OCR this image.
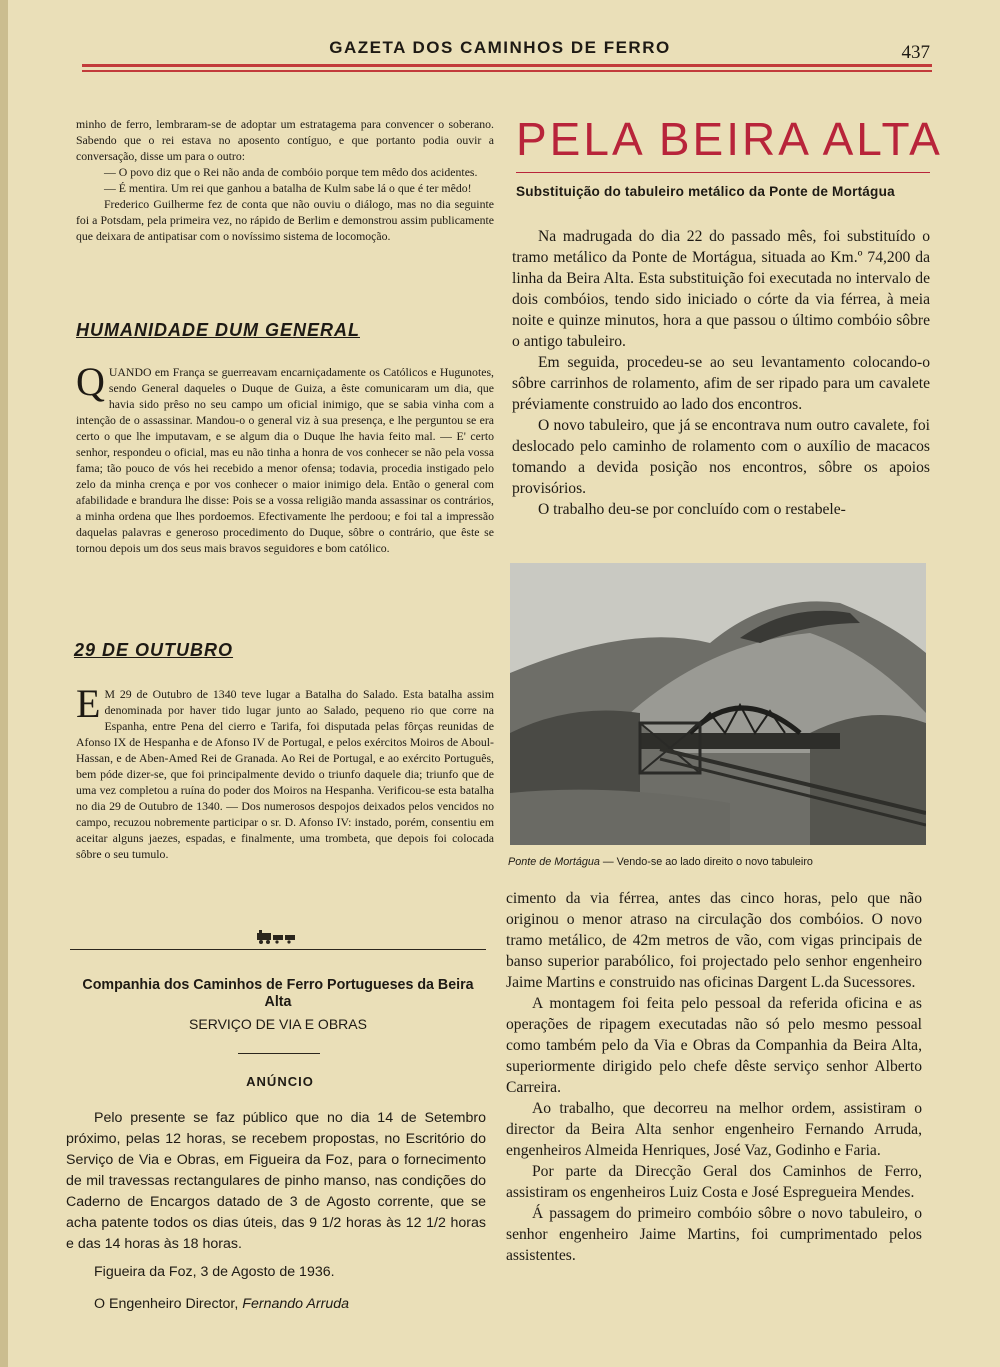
GAZETA DOS CAMINHOS DE FERRO	437

minho de ferro, lembraram-se de adoptar um estratagema para convencer o soberano. Sabendo que o rei estava no aposento contíguo, e que portanto podia ouvir a conversação, disse um para o outro:

— O povo diz que o Rei não anda de combóio porque tem mêdo dos acidentes.

— É mentira. Um rei que ganhou a batalha de Kulm sabe lá o que é ter mêdo!

Frederico Guilherme fez de conta que não ouviu o diálogo, mas no dia seguinte foi a Potsdam, pela primeira vez, no rápido de Berlim e demonstrou assim publicamente que deixara de antipatisar com o novíssimo sistema de locomoção.

HUMANIDADE DUM GENERAL
Q UANDO em França se guerreavam encarniçadamente os Católicos e Hugunotes, sendo General daqueles o Duque de Guiza, a êste comunicaram um dia, que havia sido prêso no seu campo um oficial inimigo, que se sabia vinha com a intenção de o assassinar. Mandou-o o general viz à sua presença, e lhe perguntou se era certo o que lhe imputavam, e se algum dia o Duque lhe havia feito mal. — E' certo senhor, respondeu o oficial, mas eu não tinha a honra de vos conhecer se não pela vossa fama; tão pouco de vós hei recebido a menor ofensa; todavia, procedia instigado pelo zelo da minha crença e por vos conhecer o maior inimigo dela. Então o general com afabilidade e brandura lhe disse: Pois se a vossa religião manda assassinar os contrários, a minha ordena que lhes pordoemos. Efectivamente lhe perdoou; e foi tal a impressão daquelas palavras e generoso procedimento do Duque, sôbre o contrário, que êste se tornou depois um dos seus mais bravos seguidores e bom católico.
29 DE OUTUBRO
E M 29 de Outubro de 1340 teve lugar a Batalha do Salado. Esta batalha assim denominada por haver tido lugar junto ao Salado, pequeno rio que corre na Espanha, entre Pena del cierro e Tarifa, foi disputada pelas fôrças reunidas de Afonso IX de Hespanha e de Afonso IV de Portugal, e pelos exércitos Moiros de Aboul-Hassan, e de Aben-Amed Rei de Granada. Ao Rei de Portugal, e ao exército Português, bem póde dizer-se, que foi principalmente devido o triunfo daquele dia; triunfo que de uma vez completou a ruína do poder dos Moiros na Hespanha. Verificou-se esta batalha no dia 29 de Outubro de 1340. — Dos numerosos despojos deixados pelos vencidos no campo, recuzou nobremente participar o sr. D. Afonso IV: instado, porém, consentiu em aceitar alguns jaezes, espadas, e finalmente, uma trombeta, que depois foi colocada sôbre o seu tumulo.
Companhia dos Caminhos de Ferro Portugueses da Beira Alta
SERVIÇO DE VIA E OBRAS
ANÚNCIO

Pelo presente se faz público que no dia 14 de Setembro próximo, pelas 12 horas, se recebem propostas, no Escritório do Serviço de Via e Obras, em Figueira da Foz, para o fornecimento de mil travessas rectangulares de pinho manso, nas condições do Caderno de Encargos datado de 3 de Agosto corrente, que se acha patente todos os dias úteis, das 9 1/2 horas às 12 1/2 horas e das 14 horas às 18 horas.

Figueira da Foz, 3 de Agosto de 1936.
O Engenheiro Director, Fernando Arruda
PELA BEIRA ALTA
Substituição do tabuleiro metálico da Ponte de Mortágua

Na madrugada do dia 22 do passado mês, foi substituído o tramo metálico da Ponte de Mortágua, situada ao Km.º 74,200 da linha da Beira Alta. Esta substituição foi executada no intervalo de dois combóios, tendo sido iniciado o córte da via férrea, à meia noite e quinze minutos, hora a que passou o último combóio sôbre o antigo tabuleiro.

Em seguida, procedeu-se ao seu levantamento colocando-o sôbre carrinhos de rolamento, afim de ser ripado para um cavalete préviamente construido ao lado dos encontros.

O novo tabuleiro, que já se encontrava num outro cavalete, foi deslocado pelo caminho de rolamento com o auxílio de macacos tomando a devida posição nos encontros, sôbre os apoios provisórios.

O trabalho deu-se por concluído com o restabele-

Ponte de Mortágua — Vendo-se ao lado direito o novo tabuleiro

cimento da via férrea, antes das cinco horas, pelo que não originou o menor atraso na circulação dos combóios. O novo tramo metálico, de 42m metros de vão, com vigas principais de banso superior parabólico, foi projectado pelo senhor engenheiro Jaime Martins e construido nas oficinas Dargent L.da Sucessores.

A montagem foi feita pelo pessoal da referida oficina e as operações de ripagem executadas não só pelo mesmo pessoal como também pelo da Via e Obras da Companhia da Beira Alta, superiormente dirigido pelo chefe dêste serviço senhor Alberto Carreira.

Ao trabalho, que decorreu na melhor ordem, assistiram o director da Beira Alta senhor engenheiro Fernando Arruda, engenheiros Almeida Henriques, José Vaz, Godinho e Faria.

Por parte da Direcção Geral dos Caminhos de Ferro, assistiram os engenheiros Luiz Costa e José Espregueira Mendes.

Á passagem do primeiro combóio sôbre o novo tabuleiro, o senhor engenheiro Jaime Martins, foi cumprimentado pelos assistentes.
